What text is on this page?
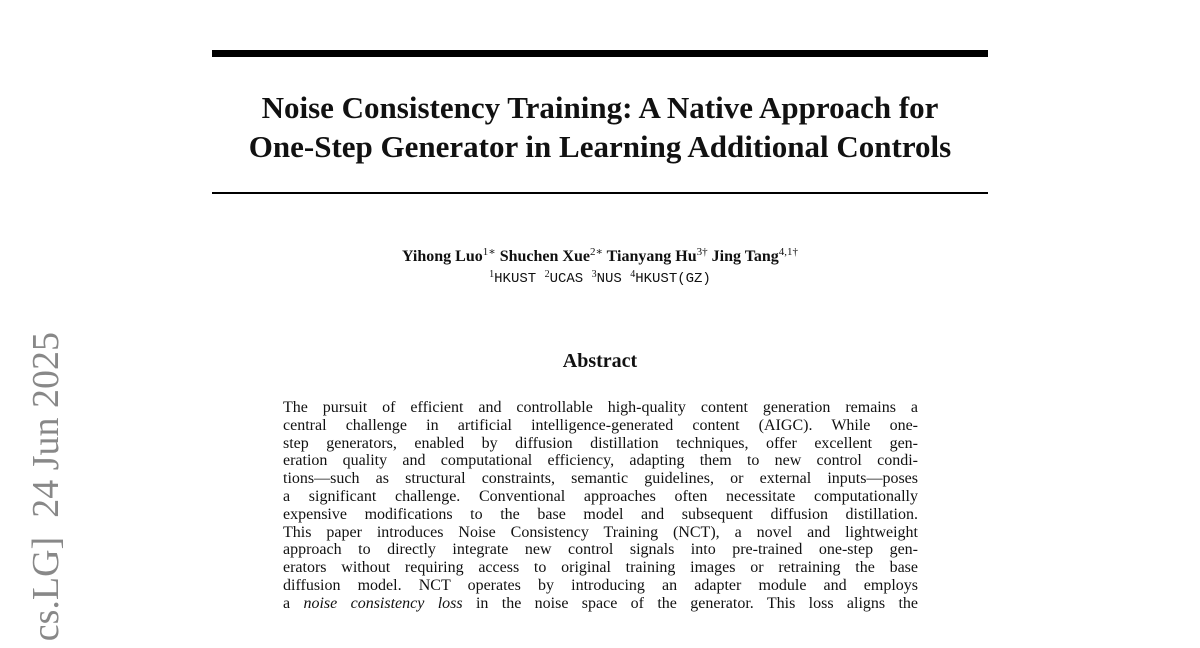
Noise Consistency Training: A Native Approach for
One-Step Generator in Learning Additional Controls
Yihong Luo$^{1∗}$ Shuchen Xue$^{2∗}$ Tianyang $Hu^{3\dagger}$ Jing Tang$^{4,1\dagger}$
$^1$HKUST $^2$UCAS $^3$NUS $^4$HKUST(GZ)
Abstract
The pursuit of efficient and controllable high-quality content generation remains a
central challenge in artificial intelligence-generated content (AIGC). While one-
step generators, enabled by diffusion distillation techniques, offer excellent gen-
eration quality and computational efficiency, adapting them to new control condi-
tions—such as structural constraints, semantic guidelines, or external inputs—poses
a significant challenge. Conventional approaches often necessitate computationally
expensive modifications to the base model and subsequent diffusion distillation.
This paper introduces Noise Consistency Training (NCT), a novel and lightweight
approach to directly integrate new control signals into pre-trained one-step gen-
erators without requiring access to original training images or retraining the base
diffusion model. NCT operates by introducing an adapter module and employs
a noise consistency loss in the noise space of the generator. This loss aligns the
cs.LG]  24 Jun 2025
